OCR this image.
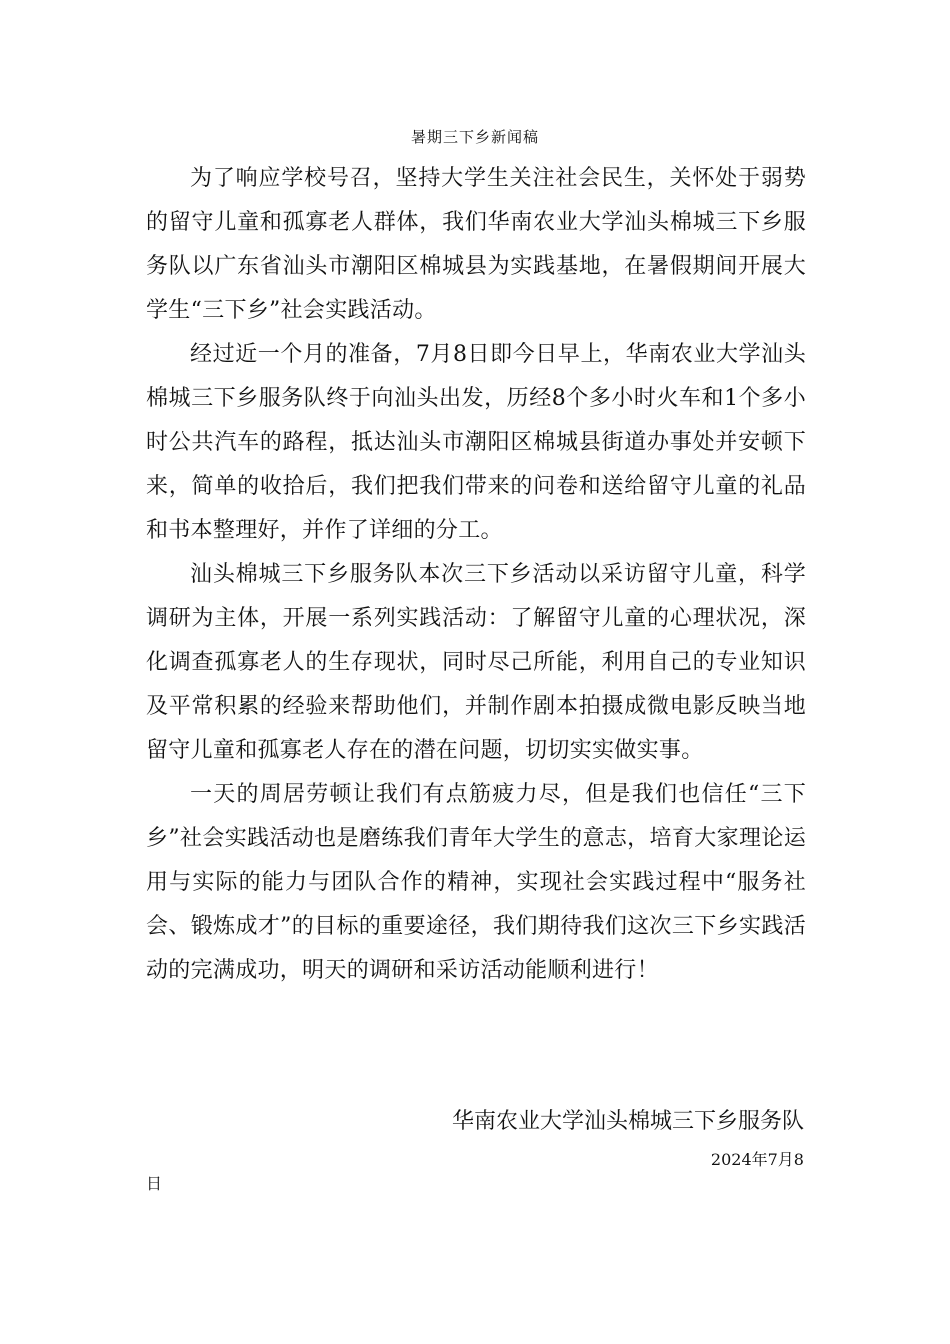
暑期三下乡新闻稿

为了响应学校号召，坚持大学生关注社会民生，关怀处于弱势的留守儿童和孤寡老人群体，我们华南农业大学汕头棉城三下乡服务队以广东省汕头市潮阳区棉城县为实践基地，在暑假期间开展大学生“三下乡”社会实践活动。

经过近一个月的准备，7月8日即今日早上，华南农业大学汕头棉城三下乡服务队终于向汕头出发，历经8个多小时火车和1个多小时公共汽车的路程，抵达汕头市潮阳区棉城县街道办事处并安顿下来，简单的收拾后，我们把我们带来的问卷和送给留守儿童的礼品和书本整理好，并作了详细的分工。

汕头棉城三下乡服务队本次三下乡活动以采访留守儿童，科学调研为主体，开展一系列实践活动：了解留守儿童的心理状况，深化调查孤寡老人的生存现状，同时尽己所能，利用自己的专业知识及平常积累的经验来帮助他们，并制作剧本拍摄成微电影反映当地留守儿童和孤寡老人存在的潜在问题，切切实实做实事。

一天的周居劳顿让我们有点筋疲力尽，但是我们也信任“三下乡”社会实践活动也是磨练我们青年大学生的意志，培育大家理论运用与实际的能力与团队合作的精神，实现社会实践过程中“服务社会、锻炼成才”的目标的重要途径，我们期待我们这次三下乡实践活动的完满成功，明天的调研和采访活动能顺利进行！

华南农业大学汕头棉城三下乡服务队
2024年7月8
日
